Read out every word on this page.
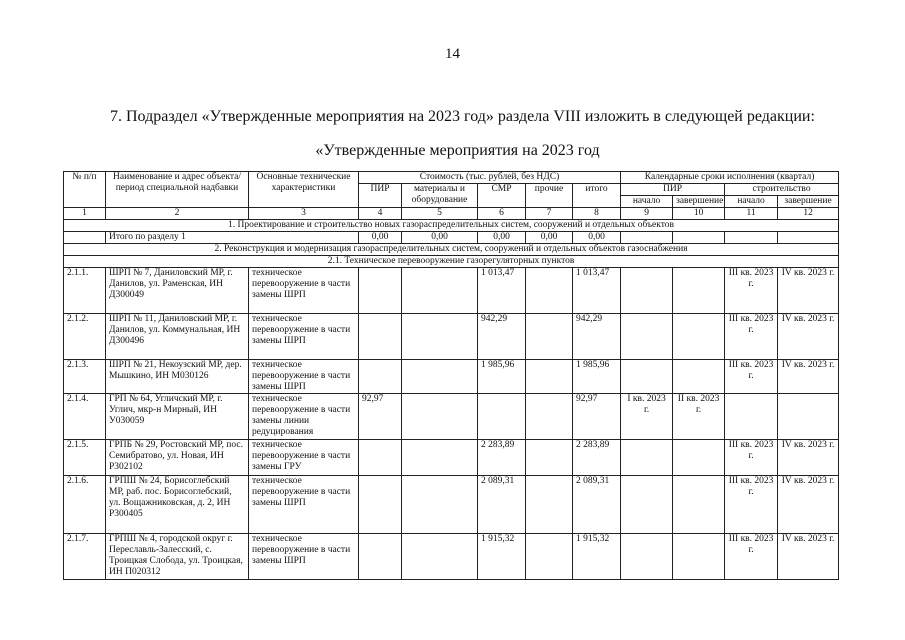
14
7. Подраздел «Утвержденные мероприятия на 2023 год» раздела VIII изложить в следующей редакции:
«Утвержденные мероприятия на 2023 год
№ п/п	Наименование и адрес объекта/ период специальной надбавки	Основные технические характеристики	Стоимость (тыс. рублей, без НДС)					Календарные сроки исполнения (квартал)			
			ПИР	материалы и оборудование	СМР	прочие	итого	ПИР		строительство	
								начало	завершение	начало	завершение
1	2	3	4	5	6	7	8	9	10	11	12
1. Проектирование и строительство новых газораспределительных систем, сооружений и отдельных объектов											
	Итого по разделу 1		0,00	0,00	0,00	0,00	0,00				
2. Реконструкция и модернизация газораспределительных систем, сооружений и отдельных объектов газоснабжения											
2.1. Техническое перевооружение газорегуляторных пунктов											
2.1.1.	ШРП № 7, Даниловский МР, г. Данилов, ул. Раменская, ИН Д300049	техническое перевооружение в части замены ШРП			1 013,47		1 013,47			III кв. 2023 г.	IV кв. 2023 г.
2.1.2.	ШРП № 11, Даниловский МР, г. Данилов, ул. Коммунальная, ИН Д300496	техническое перевооружение в части замены ШРП			942,29		942,29			III кв. 2023 г.	IV кв. 2023 г.
2.1.3.	ШРП № 21, Некоузский МР, дер. Мышкино, ИН М030126	техническое перевооружение в части замены ШРП			1 985,96		1 985,96			III кв. 2023 г.	IV кв. 2023 г.
2.1.4.	ГРП № 64, Угличский МР, г. Углич, мкр-н Мирный, ИН У030059	техническое перевооружение в части замены линии редуцирования	92,97				92,97	I кв. 2023 г.	II кв. 2023 г.		
2.1.5.	ГРПБ № 29, Ростовский МР, пос. Семибратово, ул. Новая, ИН Р302102	техническое перевооружение в части замены ГРУ			2 283,89		2 283,89			III кв. 2023 г.	IV кв. 2023 г.
2.1.6.	ГРПШ № 24, Борисоглебский МР, раб. пос. Борисоглебский, ул. Вощажниковская, д. 2, ИН Р300405	техническое перевооружение в части замены ШРП			2 089,31		2 089,31			III кв. 2023 г.	IV кв. 2023 г.
2.1.7.	ГРПШ № 4, городской округ г. Переславль-Залесский, с. Троицкая Слобода, ул. Троицкая, ИН П020312	техническое перевооружение в части замены ШРП			1 915,32		1 915,32			III кв. 2023 г.	IV кв. 2023 г.
